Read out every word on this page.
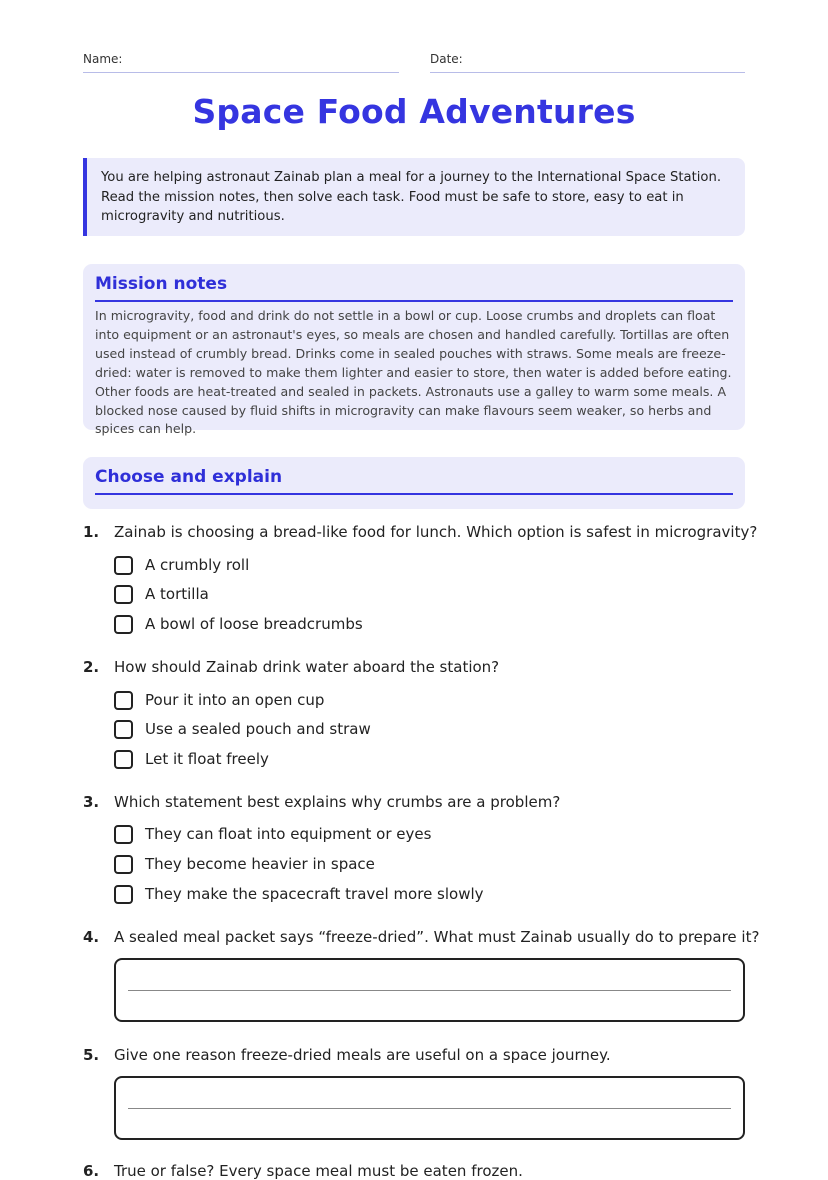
Name:	Date:
Space Food Adventures
You are helping astronaut Zainab plan a meal for a journey to the International Space Station. Read the mission notes, then solve each task. Food must be safe to store, easy to eat in microgravity and nutritious.
Mission notes
In microgravity, food and drink do not settle in a bowl or cup. Loose crumbs and droplets can float into equipment or an astronaut's eyes, so meals are chosen and handled carefully. Tortillas are often used instead of crumbly bread. Drinks come in sealed pouches with straws. Some meals are freeze-dried: water is removed to make them lighter and easier to store, then water is added before eating. Other foods are heat-treated and sealed in packets. Astronauts use a galley to warm some meals. A blocked nose caused by fluid shifts in microgravity can make flavours seem weaker, so herbs and spices can help.
Choose and explain
1. Zainab is choosing a bread-like food for lunch. Which option is safest in microgravity?
A crumbly roll
A tortilla
A bowl of loose breadcrumbs
2. How should Zainab drink water aboard the station?
Pour it into an open cup
Use a sealed pouch and straw
Let it float freely
3. Which statement best explains why crumbs are a problem?
They can float into equipment or eyes
They become heavier in space
They make the spacecraft travel more slowly
4. A sealed meal packet says “freeze-dried”. What must Zainab usually do to prepare it?
5. Give one reason freeze-dried meals are useful on a space journey.
6. True or false? Every space meal must be eaten frozen.
